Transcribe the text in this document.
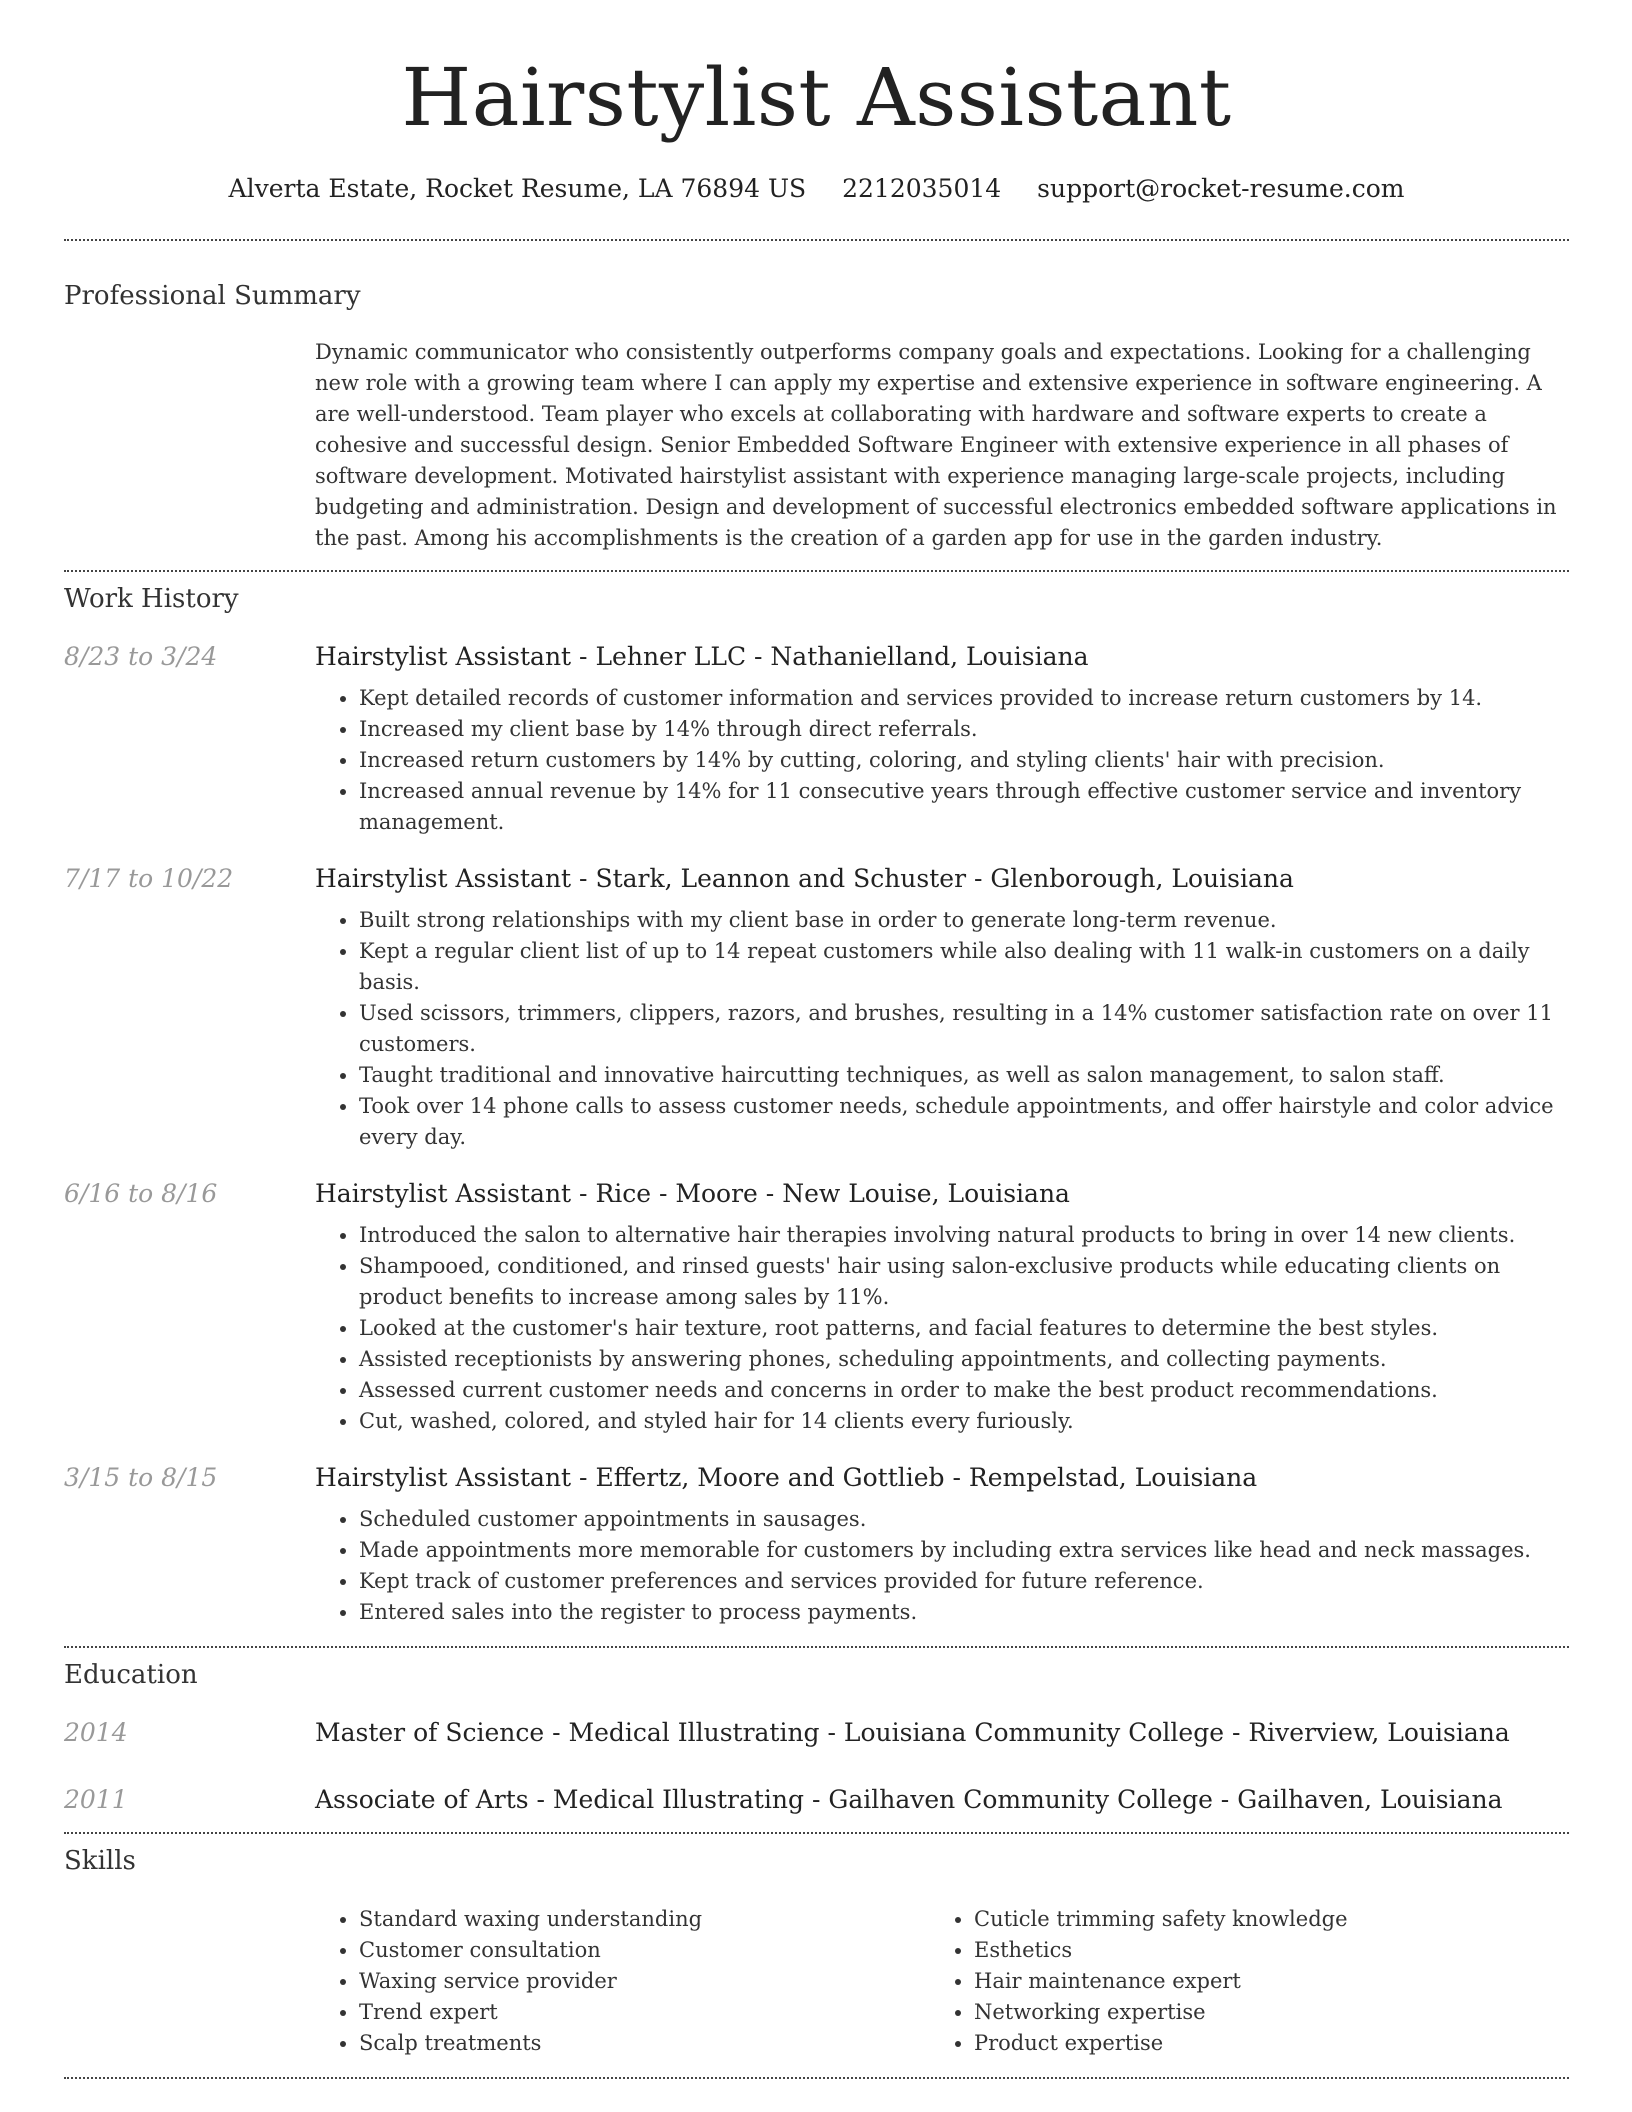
Hairstylist Assistant
Alverta Estate, Rocket Resume, LA 76894 US 2212035014 support@rocket-resume.com
Professional Summary

Dynamic communicator who consistently outperforms company goals and expectations. Looking for a challenging new role with a growing team where I can apply my expertise and extensive experience in software engineering. A are well-understood. Team player who excels at collaborating with hardware and software experts to create a cohesive and successful design. Senior Embedded Software Engineer with extensive experience in all phases of software development. Motivated hairstylist assistant with experience managing large-scale projects, including budgeting and administration. Design and development of successful electronics embedded software applications in the past. Among his accomplishments is the creation of a garden app for use in the garden industry.

Work History
8/23 to 3/24	Hairstylist Assistant - Lehner LLC - Nathanielland, Louisiana
• Kept detailed records of customer information and services provided to increase return customers by 14.
• Increased my client base by 14% through direct referrals.
• Increased return customers by 14% by cutting, coloring, and styling clients' hair with precision.
• Increased annual revenue by 14% for 11 consecutive years through effective customer service and inventory management.
7/17 to 10/22	Hairstylist Assistant - Stark, Leannon and Schuster - Glenborough, Louisiana
• Built strong relationships with my client base in order to generate long-term revenue.
• Kept a regular client list of up to 14 repeat customers while also dealing with 11 walk-in customers on a daily basis.
• Used scissors, trimmers, clippers, razors, and brushes, resulting in a 14% customer satisfaction rate on over 11 customers.
• Taught traditional and innovative haircutting techniques, as well as salon management, to salon staff.
• Took over 14 phone calls to assess customer needs, schedule appointments, and offer hairstyle and color advice every day.
6/16 to 8/16	Hairstylist Assistant - Rice - Moore - New Louise, Louisiana
• Introduced the salon to alternative hair therapies involving natural products to bring in over 14 new clients.
• Shampooed, conditioned, and rinsed guests' hair using salon-exclusive products while educating clients on product benefits to increase among sales by 11%.
• Looked at the customer's hair texture, root patterns, and facial features to determine the best styles.
• Assisted receptionists by answering phones, scheduling appointments, and collecting payments.
• Assessed current customer needs and concerns in order to make the best product recommendations.
• Cut, washed, colored, and styled hair for 14 clients every furiously.
3/15 to 8/15	Hairstylist Assistant - Effertz, Moore and Gottlieb - Rempelstad, Louisiana
• Scheduled customer appointments in sausages.
• Made appointments more memorable for customers by including extra services like head and neck massages.
• Kept track of customer preferences and services provided for future reference.
• Entered sales into the register to process payments.
Education
2014	Master of Science - Medical Illustrating - Louisiana Community College - Riverview, Louisiana
2011	Associate of Arts - Medical Illustrating - Gailhaven Community College - Gailhaven, Louisiana
Skills
• Standard waxing understanding
• Customer consultation
• Waxing service provider
• Trend expert
• Scalp treatments
• Cuticle trimming safety knowledge
• Esthetics
• Hair maintenance expert
• Networking expertise
• Product expertise
